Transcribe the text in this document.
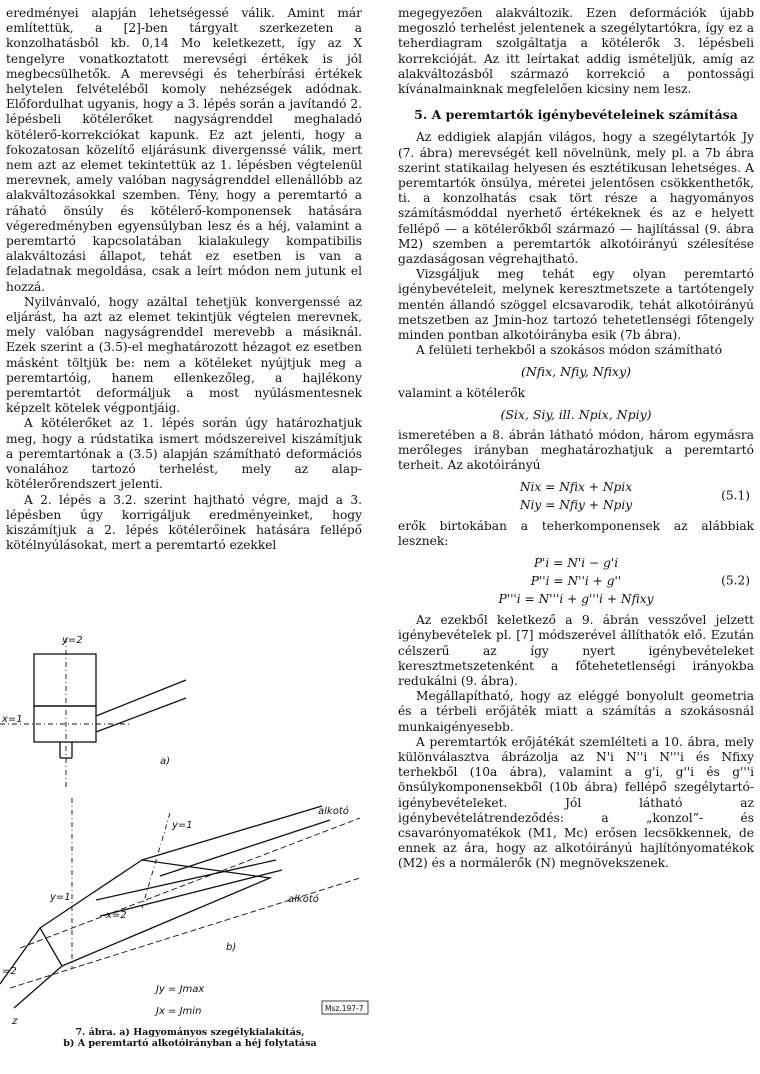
eredményei alapján lehetségessé válik. Amint már említettük, a [2]-ben tárgyalt szerkezeten a konzolhatásból kb. 0,14 Mo keletkezett, így az X tengelyre vonatkoztatott merevségi értékek is jól megbecsülhetők. A merevségi és teherbírási értékek helytelen felvételéből komoly nehézségek adódnak. Előfordulhat ugyanis, hogy a 3. lépés során a javítandó 2. lépésbeli kötélerőket nagyságrenddel meghaladó kötélerő-korrekciókat kapunk. Ez azt jelenti, hogy a fokozatosan közelítő eljárásunk divergenssé válik, mert nem azt az elemet tekintettük az 1. lépésben végtelenül merevnek, amely valóban nagyságrenddel ellenállóbb az alakváltozásokkal szemben. Tény, hogy a peremtartó a ráható önsúly és kötélerő-komponensek hatására végeredményben egyensúlyban lesz és a héj, valamint a peremtartó kapcsolatában kialakulegy kompatibilis alakváltozási állapot, tehát ez esetben is van a feladatnak megoldása, csak a leírt módon nem jutunk el hozzá.

Nyilvánvaló, hogy azáltal tehetjük konvergenssé az eljárást, ha azt az elemet tekintjük végtelen merevnek, mely valóban nagyságrenddel merevebb a másiknál. Ezek szerint a (3.5)-el meghatározott hézagot ez esetben másként töltjük be: nem a kötéleket nyújtjuk meg a peremtartóig, hanem ellenkezőleg, a hajlékony peremtartót deformáljuk a most nyúlásmentesnek képzelt kötelek végpontjáig.

A kötélerőket az 1. lépés során úgy határozhatjuk meg, hogy a rúdstatika ismert módszereivel kiszámítjuk a peremtartónak a (3.5) alapján számítható deformációs vonalához tartozó terhelést, mely az alap-kötélerőrendszert jelenti.

A 2. lépés a 3.2. szerint hajtható végre, majd a 3. lépésben úgy korrigáljuk eredményeinket, hogy kiszámítjuk a 2. lépés kötélerőinek hatására fellépő kötélnyúlásokat, mert a peremtartó ezekkel

megegyezően alakváltozik. Ezen deformációk újabb megoszló terhelést jelentenek a szegélytartókra, így ez a teherdiagram szolgáltatja a kötélerők 3. lépésbeli korrekcióját. Az itt leírtakat addig ismételjük, amíg az alakváltozásból származó korrekció a pontossági kívánalmainknak megfelelően kicsiny nem lesz.

5. A peremtartók igénybevételeinek számítása

Az eddigiek alapján világos, hogy a szegélytartók Jy (7. ábra) merevségét kell növelnünk, mely pl. a 7b ábra szerint statikailag helyesen és esztétikusan lehetséges. A peremtartók önsúlya, méretei jelentősen csökkenthetők, ti. a konzolhatás csak tört része a hagyományos számításmóddal nyerhető értékeknek és az e helyett fellépő — a kötélerőkből származó — hajlítással (9. ábra M2) szemben a peremtartók alkotóirányú szélesítése gazdaságosan végrehajtható.

Vizsgáljuk meg tehát egy olyan peremtartó igénybevételeit, melynek keresztmetszete a tartótengely mentén állandó szöggel elcsavarodik, tehát alkotóirányú metszetben az Jmin-hoz tartozó tehetetlenségi főtengely minden pontban alkotóirányba esik (7b ábra).

A felületi terhekből a szokásos módon számítható

(Nfix, Nfiy, Nfixy)

valamint a kötélerők

(Six, Siy, ill. Npix, Npiy)

ismeretében a 8. ábrán látható módon, három egymásra merőleges irányban meghatározhatjuk a peremtartó terheit. Az akotóirányú

Nix = Nfix + Npix
Niy = Nfiy + Npiy
(5.1)

erők birtokában a teherkomponensek az alábbiak lesznek:

P'i = N'i − g'i
P''i = N''i + g''
P'''i = N'''i + g'''i + Nfixy
(5.2)

Az ezekből keletkező a 9. ábrán vesszővel jelzett igénybevételek pl. [7] módszerével állíthatók elő. Ezután célszerű az így nyert igénybevételeket keresztmetszetenként a főtehetetlenségi irányokba redukálni (9. ábra).

Megállapítható, hogy az eléggé bonyolult geometria és a térbeli erőjáték miatt a számítás a szokásosnál munkaigényesebb.

A peremtartók erőjátékát szemlélteti a 10. ábra, mely különválasztva ábrázolja az N'i N''i N'''i és Nfixy terhekből (10a ábra), valamint a g'i, g''i és g'''i önsúlykomponensekből (10b ábra) fellépő szegélytartó-igénybevételeket. Jól látható az igénybevételátrendeződés: a „konzol”- és csavarónyomatékok (M1, Mc) erősen lecsökkennek, de ennek az ára, hogy az alkotóirányú hajlítónyomatékok (M2) és a normálerők (N) megnövekszenek.

y=2
x=1
a)
y=1
alkotó
y=1
x=2
alkotó
b)
=2
z
Jy = Jmax
Jx = Jmin	Msz.197-7
7. ábra. a) Hagyományos szegélykialakítás,
b) A peremtartó alkotóirányban a héj folytatása
